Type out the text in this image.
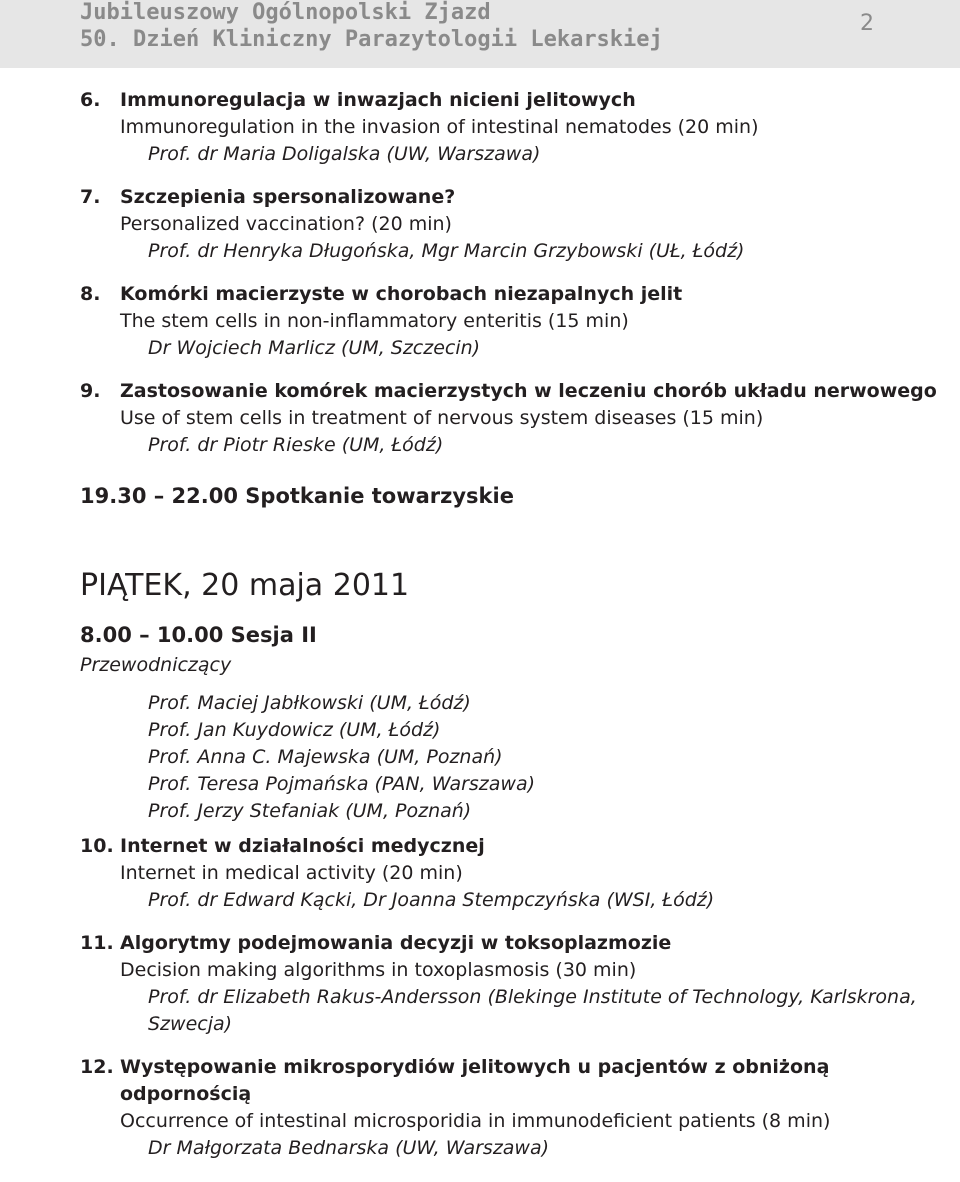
Jubileuszowy Ogólnopolski Zjazd
50. Dzień Kliniczny Parazytologii Lekarskiej
2
6. Immunoregulacja w inwazjach nicieni jelitowych
Immunoregulation in the invasion of intestinal nematodes (20 min)
Prof. dr Maria Doligalska (UW, Warszawa)
7. Szczepienia spersonalizowane?
Personalized vaccination? (20 min)
Prof. dr Henryka Długońska, Mgr Marcin Grzybowski (UŁ, Łódź)
8. Komórki macierzyste w chorobach niezapalnych jelit
The stem cells in non-inflammatory enteritis (15 min)
Dr Wojciech Marlicz (UM, Szczecin)
9. Zastosowanie komórek macierzystych w leczeniu chorób układu nerwowego
Use of stem cells in treatment of nervous system diseases (15 min)
Prof. dr Piotr Rieske (UM, Łódź)
19.30 – 22.00 Spotkanie towarzyskie
PIĄTEK, 20 maja 2011
8.00 – 10.00 Sesja II
Przewodniczący
Prof. Maciej Jabłkowski (UM, Łódź)
Prof. Jan Kuydowicz (UM, Łódź)
Prof. Anna C. Majewska (UM, Poznań)
Prof. Teresa Pojmańska (PAN, Warszawa)
Prof. Jerzy Stefaniak (UM, Poznań)
10. Internet w działalności medycznej
Internet in medical activity (20 min)
Prof. dr Edward Kącki, Dr Joanna Stempczyńska (WSI, Łódź)
11. Algorytmy podejmowania decyzji w toksoplazmozie
Decision making algorithms in toxoplasmosis (30 min)
Prof. dr Elizabeth Rakus-Andersson (Blekinge Institute of Technology, Karlskrona, Szwecja)
12. Występowanie mikrosporydiów jelitowych u pacjentów z obniżoną odpornością
Occurrence of intestinal microsporidia in immunodeficient patients (8 min)
Dr Małgorzata Bednarska (UW, Warszawa)
